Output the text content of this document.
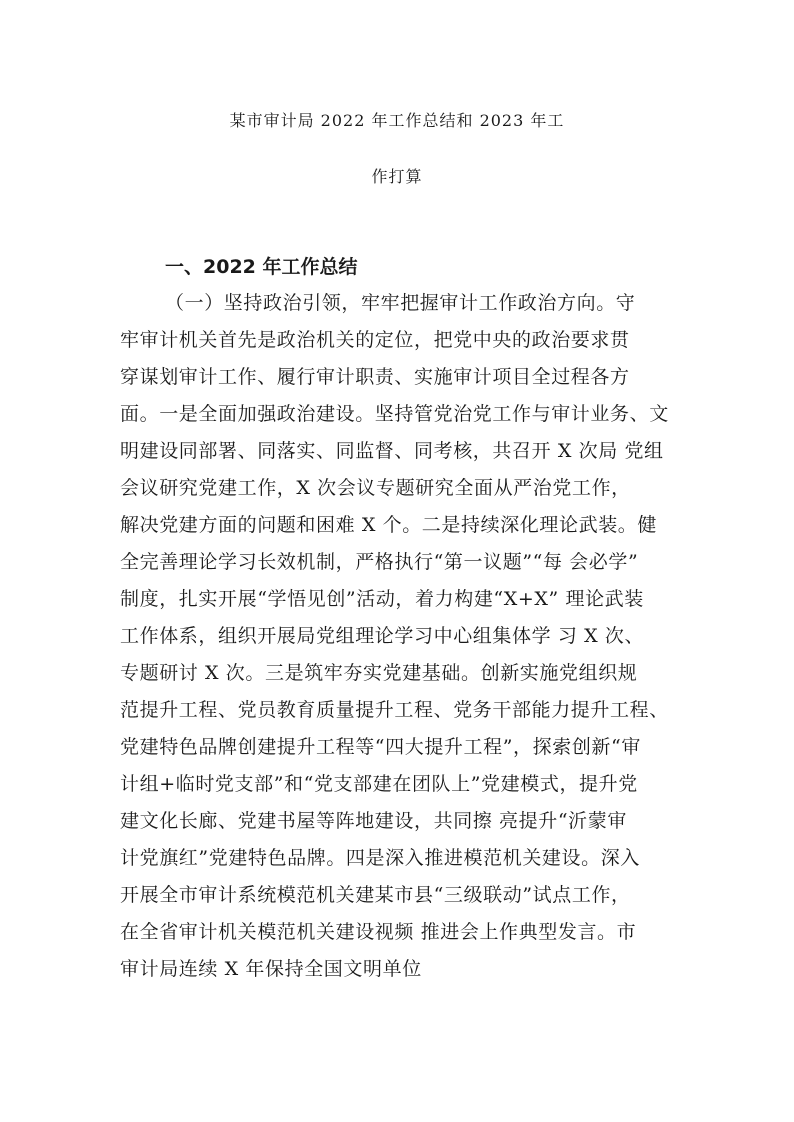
某市审计局 2022 年工作总结和 2023 年工
作打算
一、2022 年工作总结
（一）坚持政治引领，牢牢把握审计工作政治方向。守
牢审计机关首先是政治机关的定位，把党中央的政治要求贯
穿谋划审计工作、履行审计职责、实施审计项目全过程各方
面。一是全面加强政治建设。坚持管党治党工作与审计业务、文
明建设同部署、同落实、同监督、同考核，共召开 X 次局 党组
会议研究党建工作，X 次会议专题研究全面从严治党工作，
解决党建方面的问题和困难 X 个。二是持续深化理论武装。健
全完善理论学习长效机制，严格执行“第一议题”“每 会必学”
制度，扎实开展“学悟见创”活动，着力构建“X+X” 理论武装
工作体系，组织开展局党组理论学习中心组集体学 习 X 次、
专题研讨 X 次。三是筑牢夯实党建基础。创新实施党组织规
范提升工程、党员教育质量提升工程、党务干部能力提升工程、
党建特色品牌创建提升工程等“四大提升工程”，探索创新“审
计组+临时党支部”和“党支部建在团队上”党建模式，提升党
建文化长廊、党建书屋等阵地建设，共同擦 亮提升“沂蒙审
计党旗红”党建特色品牌。四是深入推进模范机关建设。深入
开展全市审计系统模范机关建某市县“三级联动”试点工作，
在全省审计机关模范机关建设视频 推进会上作典型发言。市
审计局连续 X 年保持全国文明单位
